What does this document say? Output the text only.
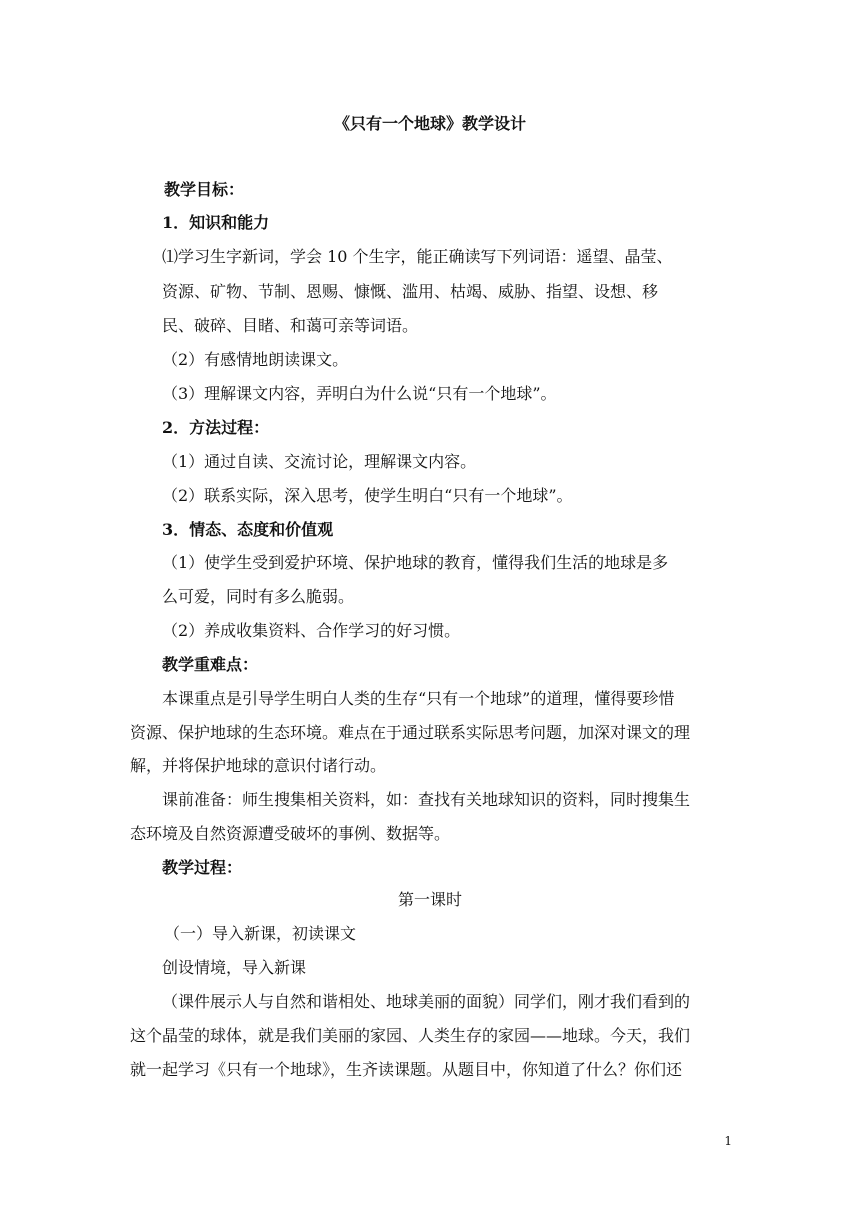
《只有一个地球》教学设计
教学目标：
1．知识和能力
⑴学习生字新词，学会 10 个生字，能正确读写下列词语：遥望、晶莹、
资源、矿物、节制、恩赐、慷慨、滥用、枯竭、威胁、指望、设想、移
民、破碎、目睹、和蔼可亲等词语。
（2）有感情地朗读课文。
（3）理解课文内容，弄明白为什么说“只有一个地球”。
2．方法过程：
（1）通过自读、交流讨论，理解课文内容。
（2）联系实际，深入思考，使学生明白“只有一个地球”。
3．情态、态度和价值观
（1）使学生受到爱护环境、保护地球的教育，懂得我们生活的地球是多
么可爱，同时有多么脆弱。
（2）养成收集资料、合作学习的好习惯。
教学重难点：
本课重点是引导学生明白人类的生存“只有一个地球”的道理，懂得要珍惜
资源、保护地球的生态环境。难点在于通过联系实际思考问题，加深对课文的理
解，并将保护地球的意识付诸行动。
课前准备：师生搜集相关资料，如：查找有关地球知识的资料，同时搜集生
态环境及自然资源遭受破坏的事例、数据等。
教学过程：
第一课时
（一）导入新课，初读课文
创设情境，导入新课
（课件展示人与自然和谐相处、地球美丽的面貌）同学们，刚才我们看到的
这个晶莹的球体，就是我们美丽的家园、人类生存的家园——地球。今天，我们
就一起学习《只有一个地球》，生齐读课题。从题目中，你知道了什么？你们还
1
